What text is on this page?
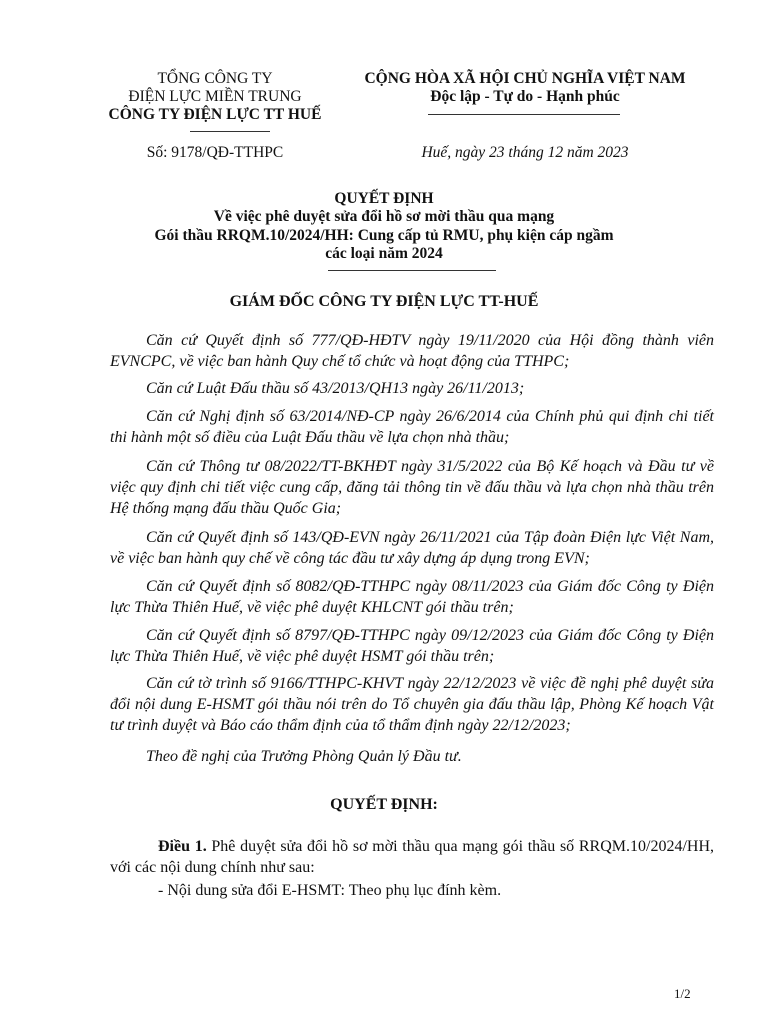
TỔNG CÔNG TY
ĐIỆN LỰC MIỀN TRUNG
CÔNG TY ĐIỆN LỰC TT HUẾ
Số: 9178/QĐ-TTHPC
CỘNG HÒA XÃ HỘI CHỦ NGHĨA VIỆT NAM
Độc lập - Tự do - Hạnh phúc
Huế, ngày 23 tháng 12 năm 2023
QUYẾT ĐỊNH
Về việc phê duyệt sửa đổi hồ sơ mời thầu qua mạng
Gói thầu RRQM.10/2024/HH: Cung cấp tủ RMU, phụ kiện cáp ngầm
các loại năm 2024
GIÁM ĐỐC CÔNG TY ĐIỆN LỰC TT-HUẾ
Căn cứ Quyết định số 777/QĐ-HĐTV ngày 19/11/2020 của Hội đồng thành viên EVNCPC, về việc ban hành Quy chế tổ chức và hoạt động của TTHPC;
Căn cứ Luật Đấu thầu số 43/2013/QH13 ngày 26/11/2013;
Căn cứ Nghị định số 63/2014/NĐ-CP ngày 26/6/2014 của Chính phủ qui định chi tiết thi hành một số điều của Luật Đấu thầu về lựa chọn nhà thầu;
Căn cứ Thông tư 08/2022/TT-BKHĐT ngày 31/5/2022 của Bộ Kế hoạch và Đầu tư về việc quy định chi tiết việc cung cấp, đăng tải thông tin về đấu thầu và lựa chọn nhà thầu trên Hệ thống mạng đấu thầu Quốc Gia;
Căn cứ Quyết định số 143/QĐ-EVN ngày 26/11/2021 của Tập đoàn Điện lực Việt Nam, về việc ban hành quy chế về công tác đầu tư xây dựng áp dụng trong EVN;
Căn cứ Quyết định số 8082/QĐ-TTHPC ngày 08/11/2023 của Giám đốc Công ty Điện lực Thừa Thiên Huế, về việc phê duyệt KHLCNT gói thầu trên;
Căn cứ Quyết định số 8797/QĐ-TTHPC ngày 09/12/2023 của Giám đốc Công ty Điện lực Thừa Thiên Huế, về việc phê duyệt HSMT gói thầu trên;
Căn cứ tờ trình số 9166/TTHPC-KHVT ngày 22/12/2023 về việc đề nghị phê duyệt sửa đổi nội dung E-HSMT gói thầu nói trên do Tổ chuyên gia đấu thầu lập, Phòng Kế hoạch Vật tư trình duyệt và Báo cáo thẩm định của tổ thẩm định ngày 22/12/2023;
Theo đề nghị của Trưởng Phòng Quản lý Đầu tư.
QUYẾT ĐỊNH:
Điều 1. Phê duyệt sửa đổi hồ sơ mời thầu qua mạng gói thầu số RRQM.10/2024/HH, với các nội dung chính như sau:
- Nội dung sửa đổi E-HSMT: Theo phụ lục đính kèm.
1/2
